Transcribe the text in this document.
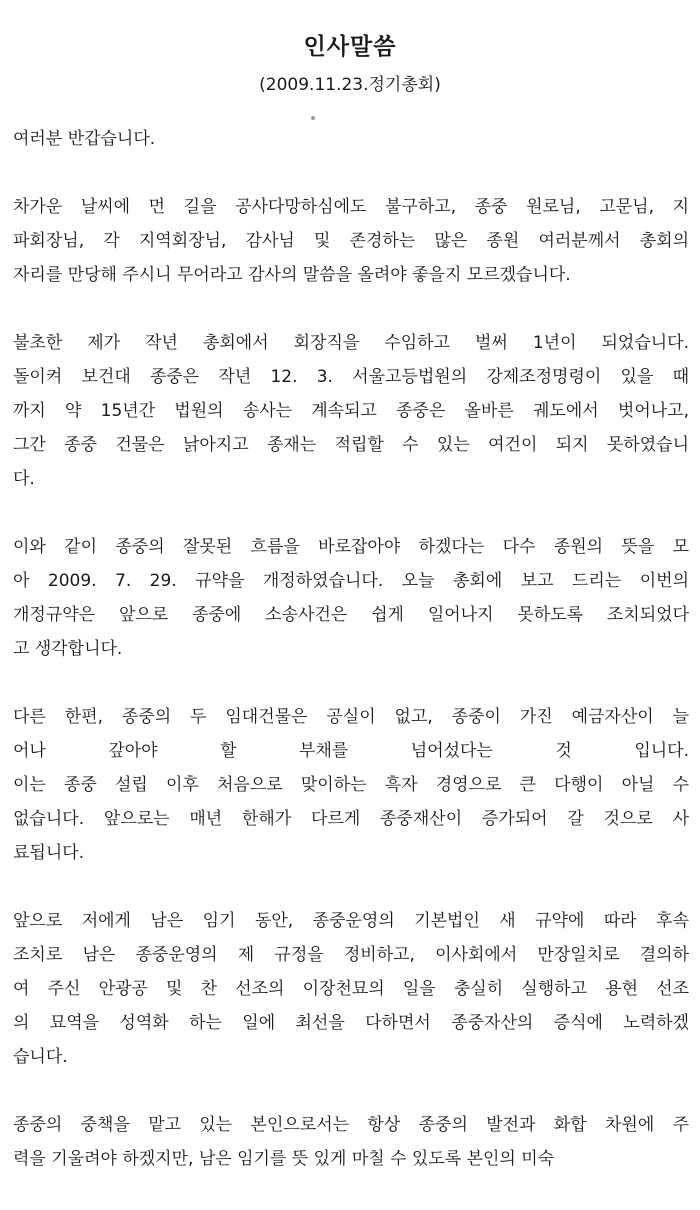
인사말씀
(2009.11.23.정기총회)
여러분 반갑습니다.
차가운 날씨에 먼 길을 공사다망하심에도 불구하고, 종중 원로님, 고문님, 지
파회장님, 각 지역회장님, 감사님 및 존경하는 많은 종원 여러분께서 총회의
자리를 만당해 주시니 무어라고 감사의 말씀을 올려야 좋을지 모르겠습니다.
불초한 제가 작년 총회에서 회장직을 수임하고 벌써 1년이 되었습니다.
돌이켜 보건대 종중은 작년 12. 3. 서울고등법원의 강제조정명령이 있을 때
까지 약 15년간 법원의 송사는 계속되고 종중은 올바른 궤도에서 벗어나고,
그간 종중 건물은 낡아지고 종재는 적립할 수 있는 여건이 되지 못하였습니
다.
이와 같이 종중의 잘못된 흐름을 바로잡아야 하겠다는 다수 종원의 뜻을 모
아 2009. 7. 29. 규약을 개정하였습니다. 오늘 총회에 보고 드리는 이번의
개정규약은 앞으로 종중에 소송사건은 쉽게 일어나지 못하도록 조치되었다
고 생각합니다.
다른 한편, 종중의 두 임대건물은 공실이 없고, 종중이 가진 예금자산이 늘
어나 갚아야 할 부채를 넘어섰다는 것 입니다.
이는 종중 설립 이후 처음으로 맞이하는 흑자 경영으로 큰 다행이 아닐 수
없습니다. 앞으로는 매년 한해가 다르게 종중재산이 증가되어 갈 것으로 사
료됩니다.
앞으로 저에게 남은 임기 동안, 종중운영의 기본법인 새 규약에 따라 후속
조치로 남은 종중운영의 제 규정을 정비하고, 이사회에서 만장일치로 결의하
여 주신 안광공 및 찬 선조의 이장천묘의 일을 충실히 실행하고 용현 선조
의 묘역을 성역화 하는 일에 최선을 다하면서 종중자산의 증식에 노력하겠
습니다.
종중의 중책을 맡고 있는 본인으로서는 항상 종중의 발전과 화합 차원에 주
력을 기울려야 하겠지만, 남은 임기를 뜻 있게 마칠 수 있도록 본인의 미숙
